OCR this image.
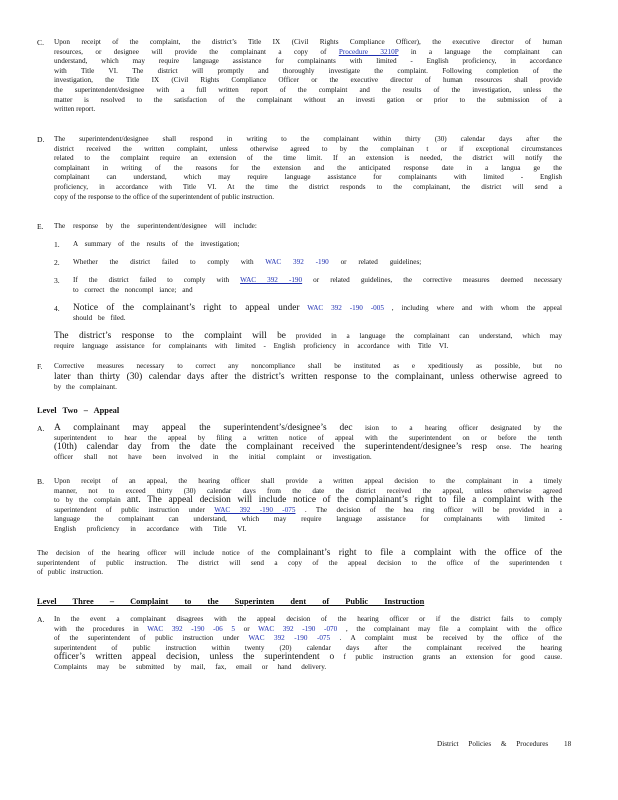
C. Upon receipt of the complaint, the district’s Title IX (Civil Rights Compliance Officer), the executive director of human
resources, or designee will provide the complainant a copy of Procedure 3210P in a language the complainant can
understand, which may require language assistance for complainants with limited - English proficiency, in accordance
with Title VI. The district will promptly and thoroughly investigate the complaint. Following completion of the
investigation, the Title IX (Civil Rights Compliance Officer or the executive director of human resources shall provide
the superintendent/designee with a full written report of the complaint and the results of the investigation, unless the
matter is resolved to the satisfaction of the complainant without an investi gation or prior to the submission of a
written report.
D. The superintendent/designee shall respond in writing to the complainant within thirty (30) calendar days after the
district received the written complaint, unless otherwise agreed to by the complainan t or if exceptional circumstances
related to the complaint require an extension of the time limit. If an extension is needed, the district will notify the
complainant in writing of the reasons for the extension and the anticipated response date in a langua ge the
complainant can understand, which may require language assistance for complainants with limited - English
proficiency, in accordance with Title VI. At the time the district responds to the complainant, the district will send a
copy of the response to the office of the superintendent of public instruction.
E. The response by the superintendent/designee will include:
1. A summary of the results of the investigation;
2. Whether the district failed to comply with WAC 392 -190 or related guidelines;
3. If the district failed to comply with WAC 392 -190 or related guidelines, the corrective measures deemed necessary
to correct the noncompl iance; and
4. Notice of the complainant’s right to appeal under WAC 392 -190 -005 , including where and with whom the appeal
should be filed.
The district’s response to the complaint will be provided in a language the complainant can understand, which may
require language assistance for complainants with limited - English proficiency in accordance with Title VI.
F. Corrective measures necessary to correct any noncompliance shall be instituted as e xpeditiously as possible, but no
later than thirty (30) calendar days after the district’s written response to the complainant, unless otherwise agreed to
by the complainant.
Level Two – Appeal
A. A complainant may appeal the superintendent’s/designee’s dec ision to a hearing officer designated by the
superintendent to hear the appeal by filing a written notice of appeal with the superintendent on or before the tenth
(10th) calendar day from the date the complainant received the superintendent/designee’s resp onse. The hearing
officer shall not have been involved in the initial complaint or investigation.
B. Upon receipt of an appeal, the hearing officer shall provide a written appeal decision to the complainant in a timely
manner, not to exceed thirty (30) calendar days from the date the district received the appeal, unless otherwise agreed
to by the complain ant. The appeal decision will include notice of the complainant’s right to file a complaint with the
superintendent of public instruction under WAC 392 -190 -075 . The decision of the hea ring officer will be provided in a
language the complainant can understand, which may require language assistance for complainants with limited -
English proficiency in accordance with Title VI.
The decision of the hearing officer will include notice of the complainant’s right to file a complaint with the office of the
superintendent of public instruction. The district will send a copy of the appeal decision to the office of the superintenden t
of public instruction.
Level Three – Complaint to the Superinten dent of Public Instruction
A. In the event a complainant disagrees with the appeal decision of the hearing officer or if the district fails to comply
with the procedures in WAC 392 -190 -06 5 or WAC 392 -190 -070 , the complainant may file a complaint with the office
of the superintendent of public instruction under WAC 392 -190 -075 . A complaint must be received by the office of the
superintendent of public instruction within twenty (20) calendar days after the complainant received the hearing
officer’s written appeal decision, unless the superintendent o f public instruction grants an extension for good cause.
Complaints may be submitted by mail, fax, email or hand delivery.
District Policies & Procedures 18
